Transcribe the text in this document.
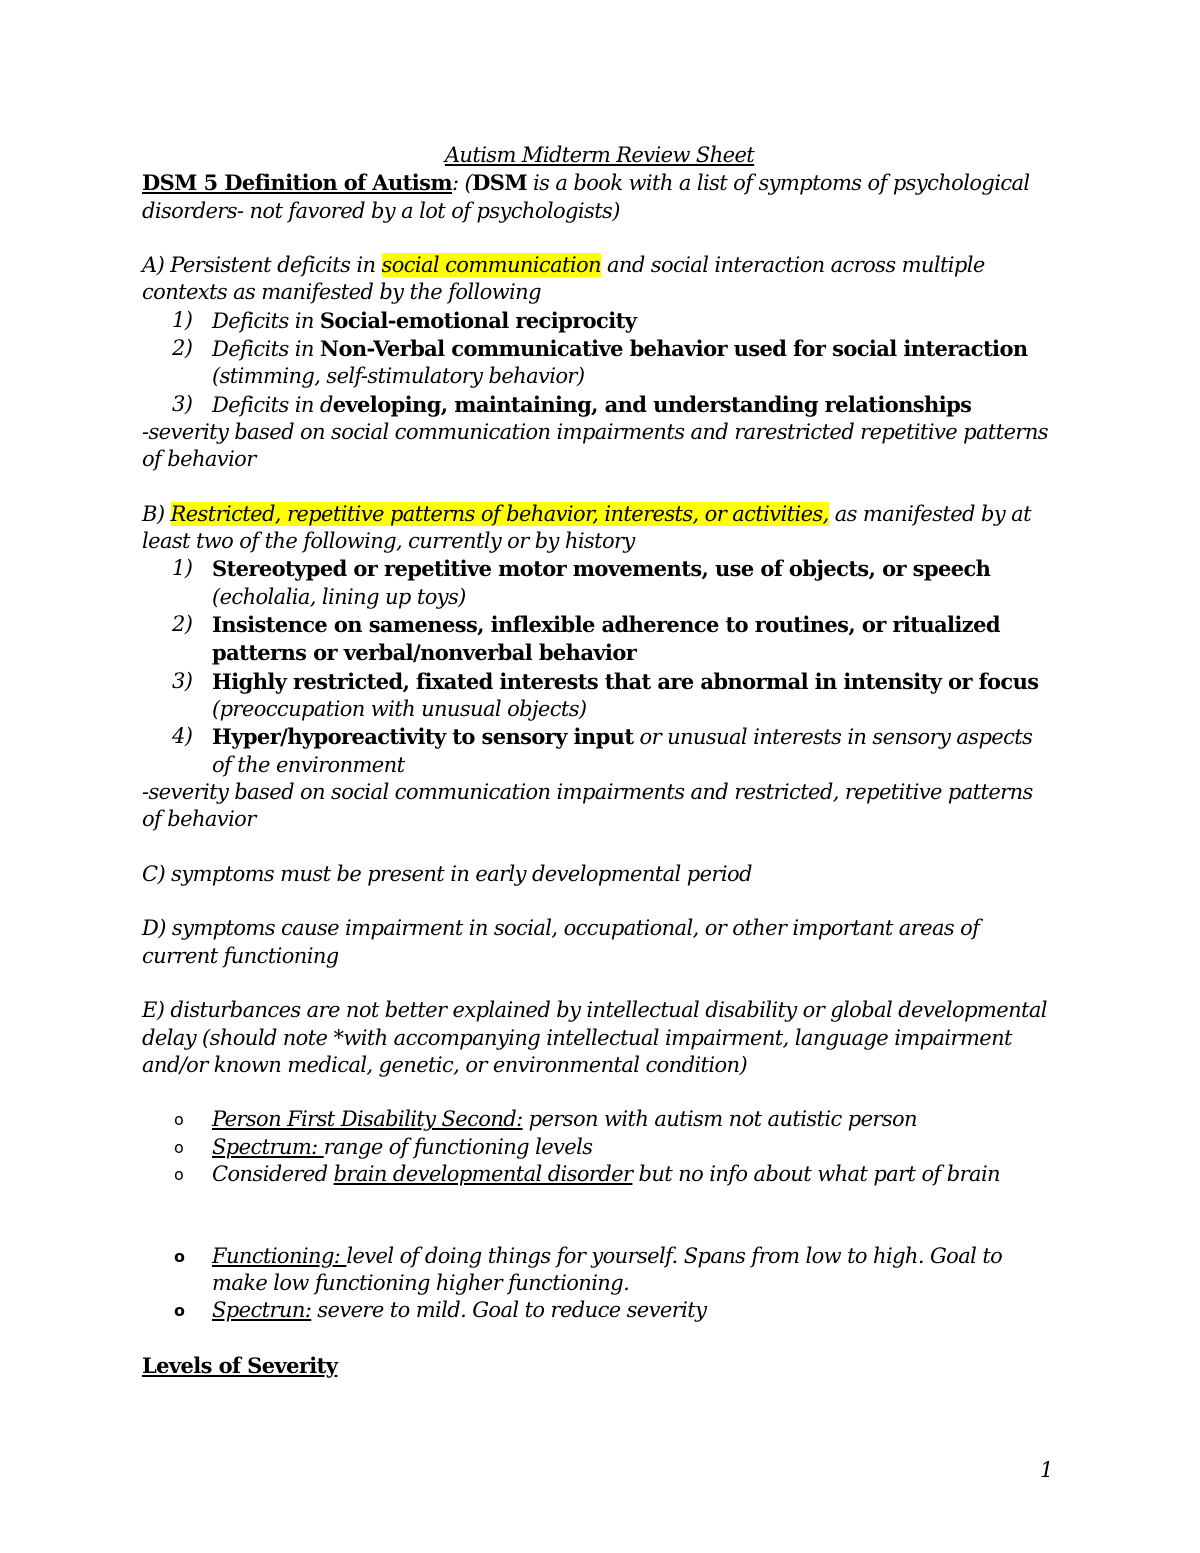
Autism Midterm Review Sheet

DSM 5 Definition of Autism: (DSM is a book with a list of symptoms of psychological disorders- not favored by a lot of psychologists)

A) Persistent deficits in social communication and social interaction across multiple contexts as manifested by the following

1) Deficits in Social-emotional reciprocity
2) Deficits in Non-Verbal communicative behavior used for social interaction
(stimming, self-stimulatory behavior)
3) Deficits in developing, maintaining, and understanding relationships

-severity based on social communication impairments and rarestricted repetitive patterns of behavior

B) Restricted, repetitive patterns of behavior, interests, or activities, as manifested by at least two of the following, currently or by history

1) Stereotyped or repetitive motor movements, use of objects, or speech
(echolalia, lining up toys)
2) Insistence on sameness, inflexible adherence to routines, or ritualized patterns or verbal/nonverbal behavior
3) Highly restricted, fixated interests that are abnormal in intensity or focus
(preoccupation with unusual objects)
4) Hyper/hyporeactivity to sensory input or unusual interests in sensory aspects of the environment

-severity based on social communication impairments and restricted, repetitive patterns of behavior

C) symptoms must be present in early developmental period

D) symptoms cause impairment in social, occupational, or other important areas of current functioning

E) disturbances are not better explained by intellectual disability or global developmental delay (should note *with accompanying intellectual impairment, language impairment and/or known medical, genetic, or environmental condition)

o Person First Disability Second: person with autism not autistic person
o Spectrum: range of functioning levels
o Considered brain developmental disorder but no info about what part of brain
o Functioning: level of doing things for yourself. Spans from low to high. Goal to make low functioning higher functioning.
o Spectrun: severe to mild. Goal to reduce severity

Levels of Severity

1
